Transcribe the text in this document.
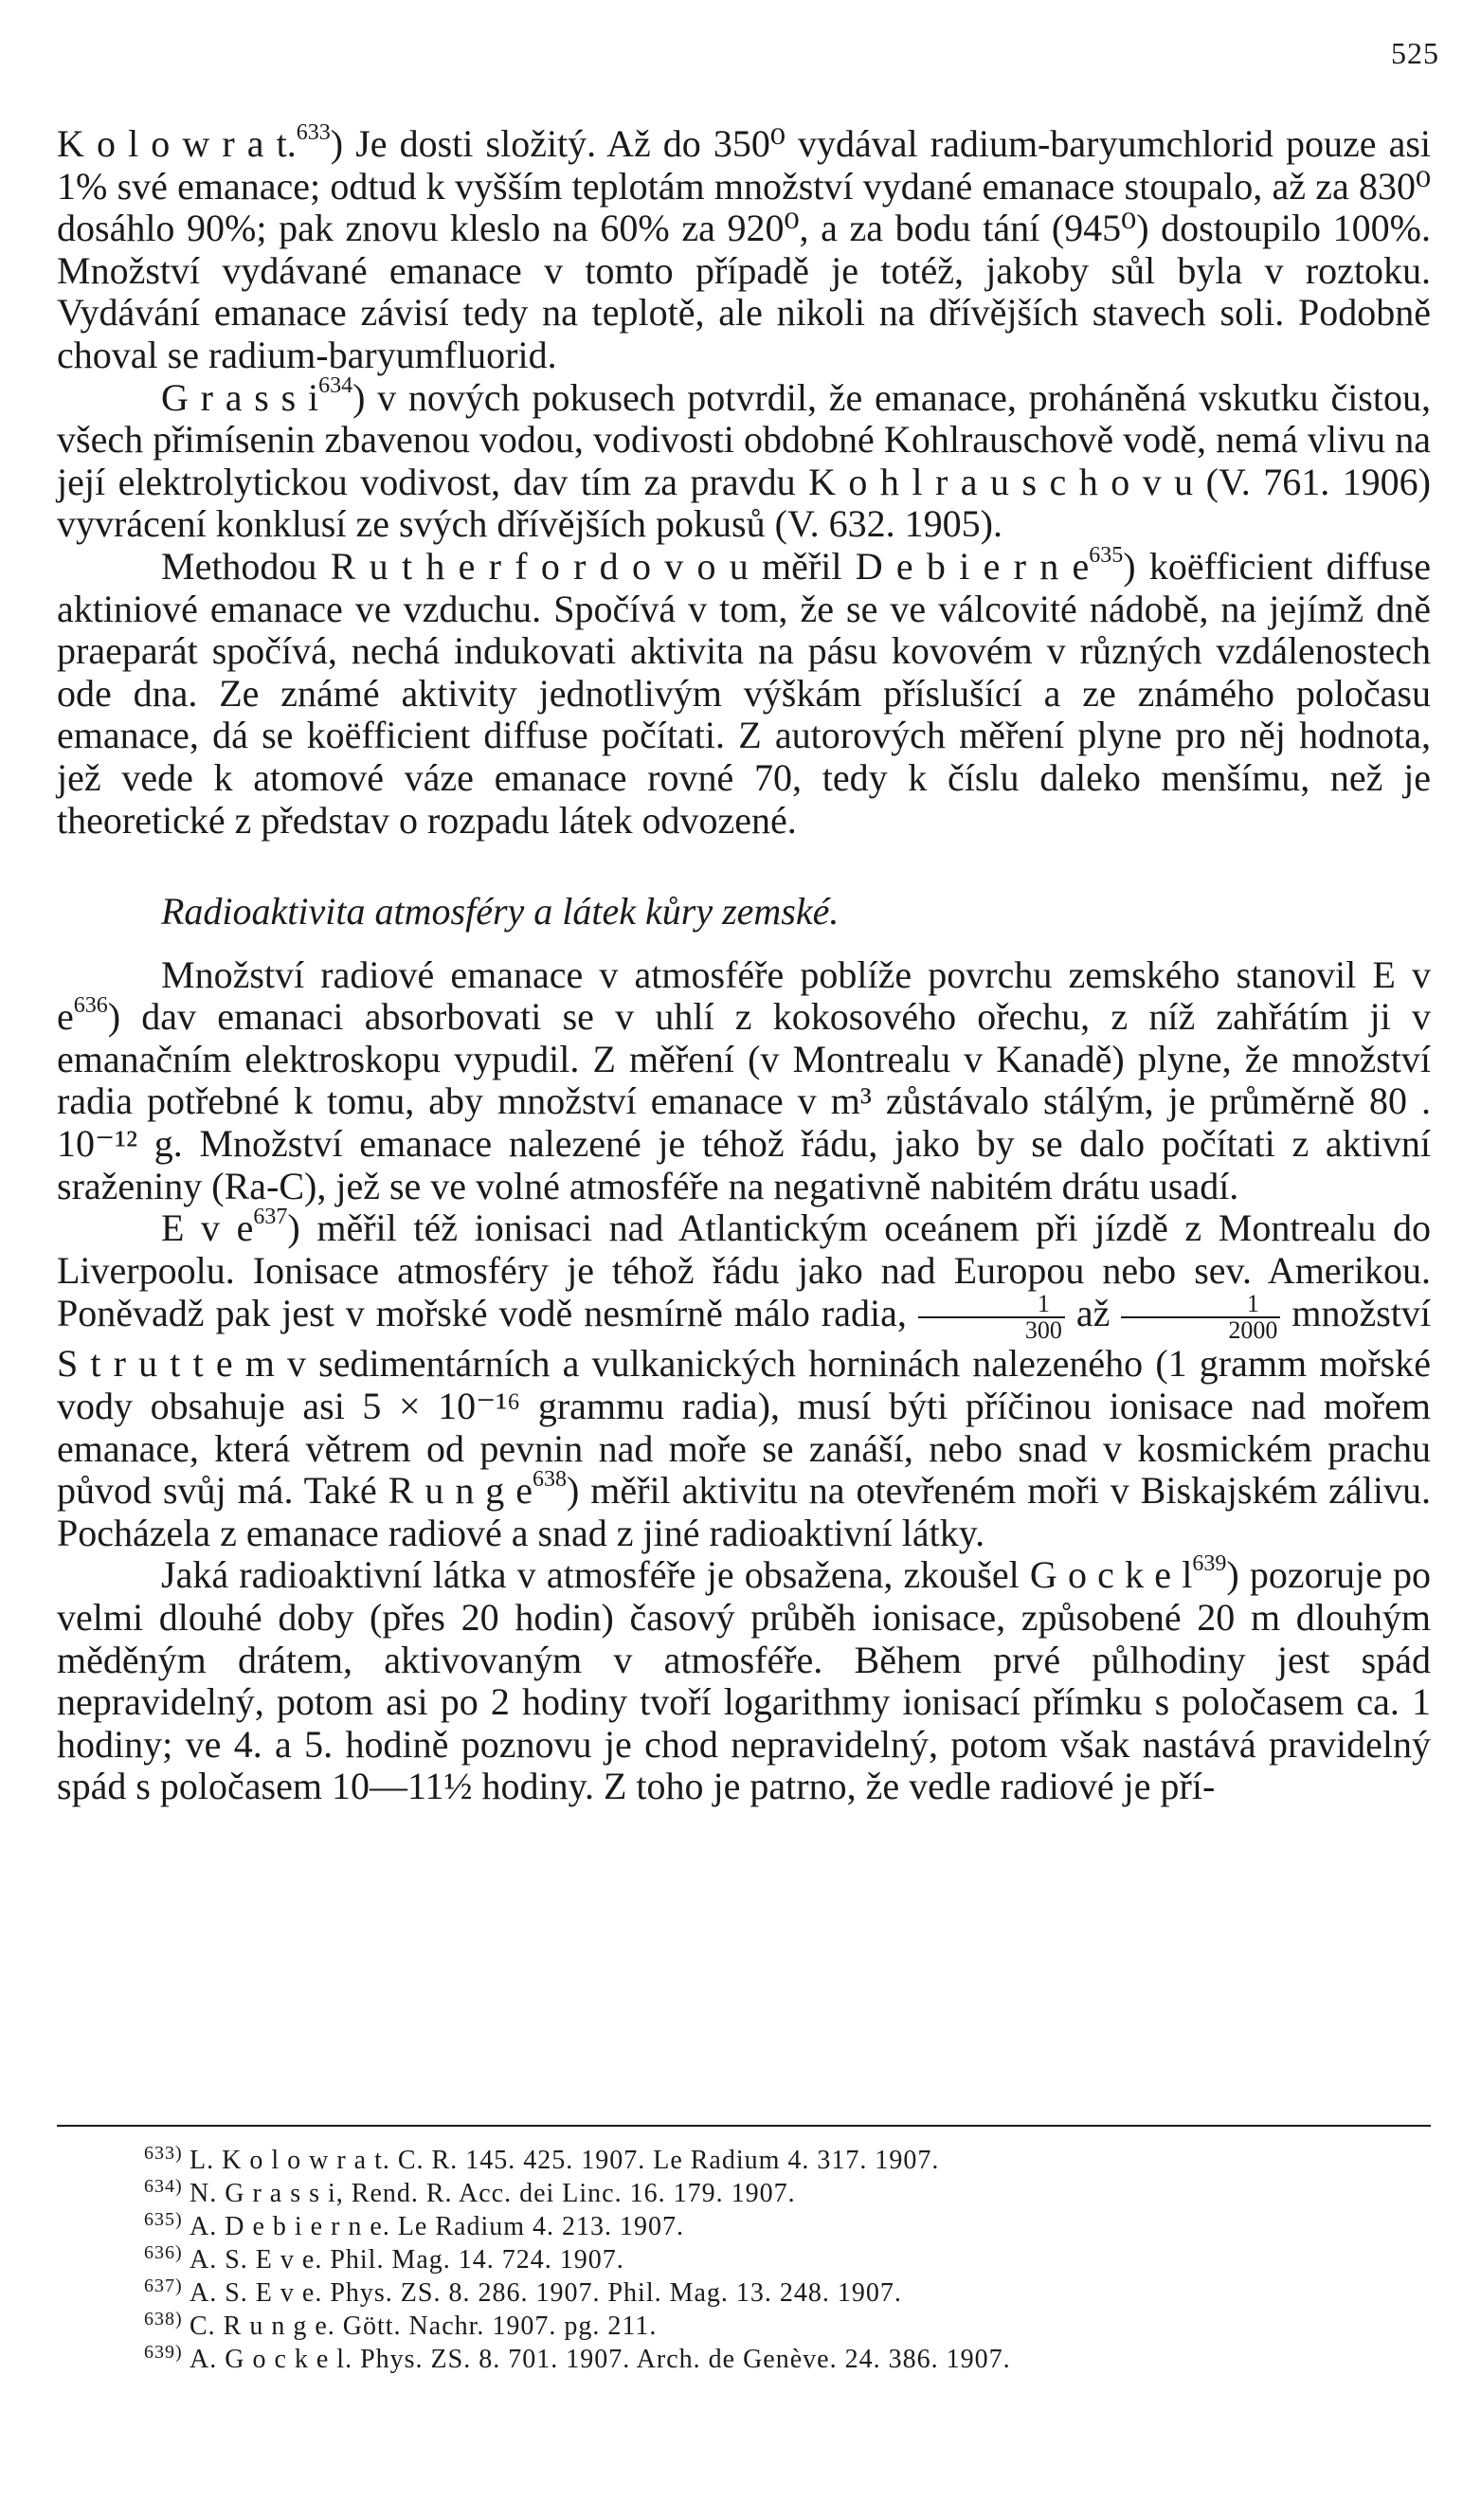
525

K o l o w r a t.$^{633}$) Je dosti složitý. Až do 350⁰ vydával radium-baryumchlorid pouze asi 1% své emanace; odtud k vyšším teplotám množství vydané emanace stoupalo, až za 830⁰ dosáhlo 90%; pak znovu kleslo na 60% za 920⁰, a za bodu tání (945⁰) dostoupilo 100%. Množství vydávané emanace v tomto případě je totéž, jakoby sůl byla v roztoku. Vydávání emanace závisí tedy na teplotě, ale nikoli na dřívějších stavech soli. Podobně choval se radium-baryumfluorid.

G r a s s $i^{634}$) v nových pokusech potvrdil, že emanace, proháněná vskutku čistou, všech přimísenin zbavenou vodou, vodivosti obdobné Kohlrauschově vodě, nemá vlivu na její elektrolytickou vodivost, dav tím za pravdu K o h l r a u s c h o v u (V. 761. 1906) vyvrácení konklusí ze svých dřívějších pokusů (V. 632. 1905).

Methodou R u t h e r f o r d o v o u měřil D e b i e r n $e^{635}$) koëfficient diffuse aktiniové emanace ve vzduchu. Spočívá v tom, že se ve válcovité nádobě, na jejímž dně praeparát spočívá, nechá indukovati aktivita na pásu kovovém v různých vzdálenostech ode dna. Ze známé aktivity jednotlivým výškám příslušící a ze známého poločasu emanace, dá se koëfficient diffuse počítati. Z autorových měření plyne pro něj hodnota, jež vede k atomové váze emanace rovné 70, tedy k číslu daleko menšímu, než je theoretické z představ o rozpadu látek odvozené.

Radioaktivita atmosféry a látek kůry zemské.

Množství radiové emanace v atmosféře poblíže povrchu zemského stanovil E v $e^{636}$) dav emanaci absorbovati se v uhlí z kokosového ořechu, z níž zahřátím ji v emanačním elektroskopu vypudil. Z měření (v Montrealu v Kanadě) plyne, že množství radia potřebné k tomu, aby množství emanace v m³ zůstávalo stálým, je průměrně 80 . 10⁻¹² g. Množství emanace nalezené je téhož řádu, jako by se dalo počítati z aktivní sraženiny (Ra-C), jež se ve volné atmosféře na negativně nabitém drátu usadí.

E v $e^{637}$) měřil též ionisaci nad Atlantickým oceánem při jízdě z Montrealu do Liverpoolu. Ionisace atmosféry je téhož řádu jako nad Europou nebo sev. Amerikou. Poněvadž pak jest v mořské vodě nesmírně málo radia, $\frac{1}{300}$ až $\frac{1}{2000}$ množství S t r u t t e m v sedimentárních a vulkanických horninách nalezeného (1 gramm mořské vody obsahuje asi 5 × 10⁻¹⁶ grammu radia), musí býti příčinou ionisace nad mořem emanace, která větrem od pevnin nad moře se zanáší, nebo snad v kosmickém prachu původ svůj má. Také R u n g $e^{638}$) měřil aktivitu na otevřeném moři v Biskajském zálivu. Pocházela z emanace radiové a snad z jiné radioaktivní látky.

Jaká radioaktivní látka v atmosféře je obsažena, zkoušel G o c k e $l^{639}$) pozoruje po velmi dlouhé doby (přes 20 hodin) časový průběh ionisace, způsobené 20 m dlouhým měděným drátem, aktivovaným v atmosféře. Během prvé půlhodiny jest spád nepravidelný, potom asi po 2 hodiny tvoří logarithmy ionisací přímku s poločasem ca. 1 hodiny; ve 4. a 5. hodině poznovu je chod nepravidelný, potom však nastává pravidelný spád s poločasem 10—11½ hodiny. Z toho je patrno, že vedle radiové je pří-

633) L. K o l o w r a t. C. R. 145. 425. 1907. Le Radium 4. 317. 1907.
634) N. G r a s s i, Rend. R. Acc. dei Linc. 16. 179. 1907.
635) A. D e b i e r n e. Le Radium 4. 213. 1907.
636) A. S. E v e. Phil. Mag. 14. 724. 1907.
637) A. S. E v e. Phys. ZS. 8. 286. 1907. Phil. Mag. 13. 248. 1907.
638) C. R u n g e. Gött. Nachr. 1907. pg. 211.
639) A. G o c k e l. Phys. ZS. 8. 701. 1907. Arch. de Genève. 24. 386. 1907.
